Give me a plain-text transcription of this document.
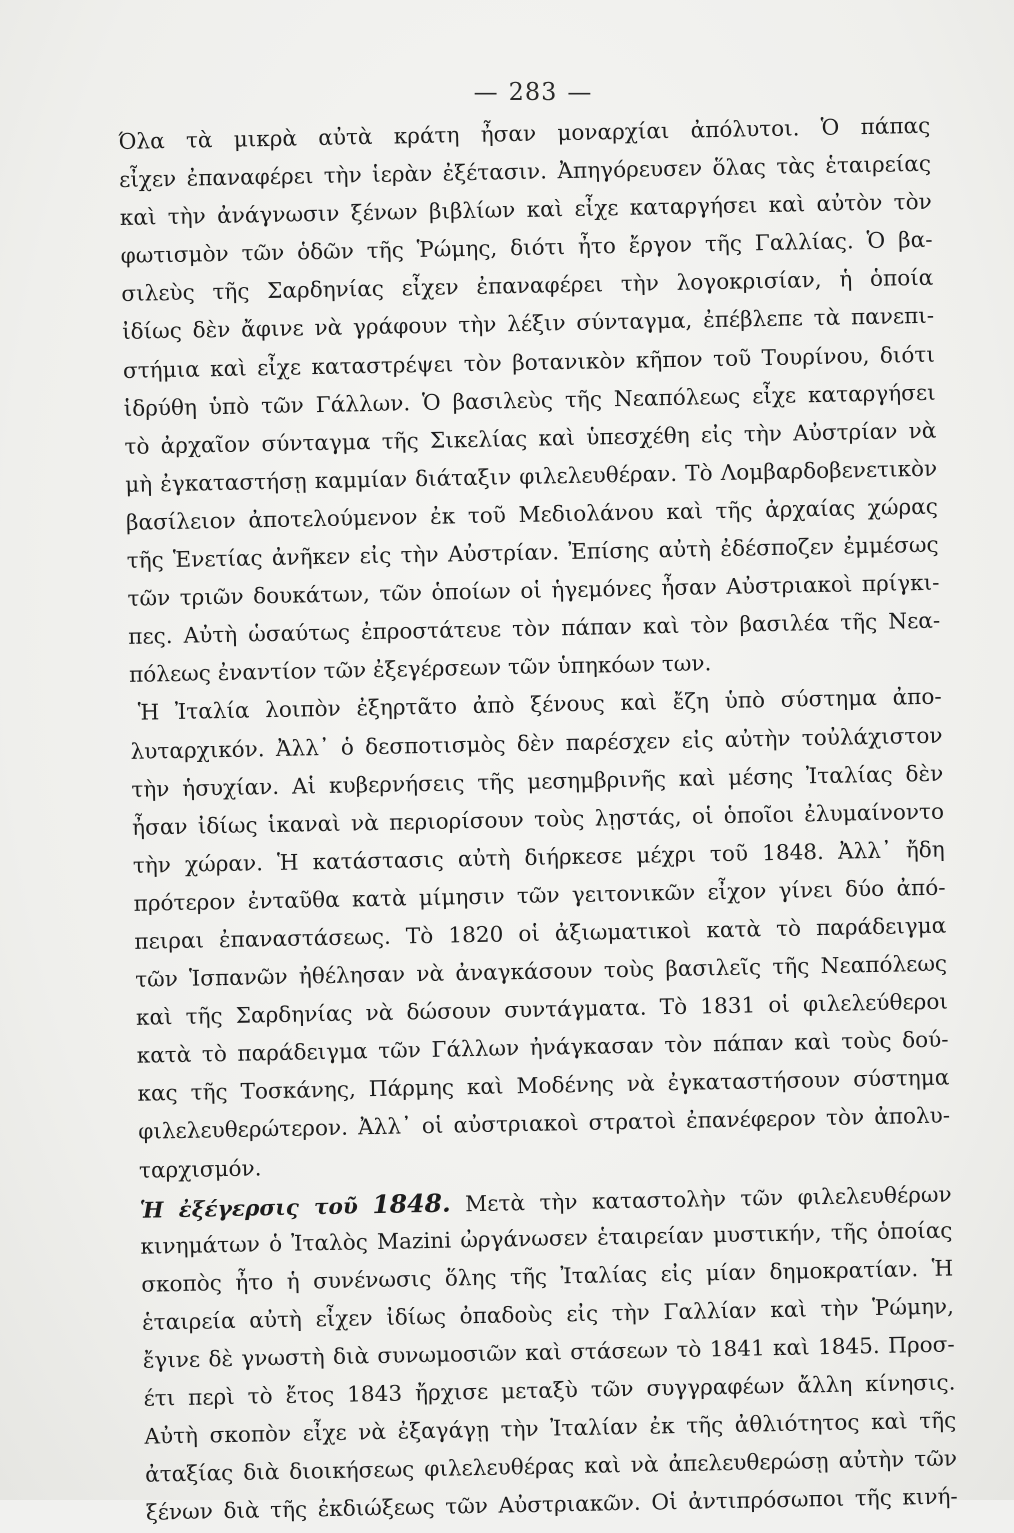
— 283 —
Όλα τὰ μικρὰ αὐτὰ κράτη ἦσαν μοναρχίαι ἀπόλυτοι. Ὁ πάπας
εἶχεν ἐπαναφέρει τὴν ἱερὰν ἐξέτασιν. Ἀπηγόρευσεν ὅλας τὰς ἑταιρείας
καὶ τὴν ἀνάγνωσιν ξένων βιβλίων καὶ εἶχε καταργήσει καὶ αὐτὸν τὸν
φωτισμὸν τῶν ὁδῶν τῆς Ῥώμης, διότι ἦτο ἔργον τῆς Γαλλίας. Ὁ βα-
σιλεὺς τῆς Σαρδηνίας εἶχεν ἐπαναφέρει τὴν λογοκρισίαν, ἡ ὁποία
ἰδίως δὲν ἄφινε νὰ γράφουν τὴν λέξιν σύνταγμα, ἐπέβλεπε τὰ πανεπι-
στήμια καὶ εἶχε καταστρέψει τὸν βοτανικὸν κῆπον τοῦ Τουρίνου, διότι
ἱδρύθη ὑπὸ τῶν Γάλλων. Ὁ βασιλεὺς τῆς Νεαπόλεως εἶχε καταργήσει
τὸ ἀρχαῖον σύνταγμα τῆς Σικελίας καὶ ὑπεσχέθη εἰς τὴν Αὐστρίαν νὰ
μὴ ἐγκαταστήσῃ καμμίαν διάταξιν φιλελευθέραν. Τὸ Λομβαρδοβενετικὸν
βασίλειον ἀποτελούμενον ἐκ τοῦ Μεδιολάνου καὶ τῆς ἀρχαίας χώρας
τῆς Ἑνετίας ἀνῆκεν εἰς τὴν Αὐστρίαν. Ἐπίσης αὐτὴ ἐδέσποζεν ἐμμέσως
τῶν τριῶν δουκάτων, τῶν ὁποίων οἱ ἡγεμόνες ἦσαν Αὐστριακοὶ πρίγκι-
πες. Αὐτὴ ὡσαύτως ἐπροστάτευε τὸν πάπαν καὶ τὸν βασιλέα τῆς Νεα-
πόλεως ἐναντίον τῶν ἐξεγέρσεων τῶν ὑπηκόων των.
Ἡ Ἰταλία λοιπὸν ἐξηρτᾶτο ἀπὸ ξένους καὶ ἔζη ὑπὸ σύστημα ἀπο-
λυταρχικόν. Ἀλλ᾽ ὁ δεσποτισμὸς δὲν παρέσχεν εἰς αὐτὴν τοὐλάχιστον
τὴν ἡσυχίαν. Αἱ κυβερνήσεις τῆς μεσημβρινῆς καὶ μέσης Ἰταλίας δὲν
ἦσαν ἰδίως ἱκαναὶ νὰ περιορίσουν τοὺς λῃστάς, οἱ ὁποῖοι ἐλυμαίνοντο
τὴν χώραν. Ἡ κατάστασις αὐτὴ διήρκεσε μέχρι τοῦ 1848. Ἀλλ᾽ ἤδη
πρότερον ἐνταῦθα κατὰ μίμησιν τῶν γειτονικῶν εἶχον γίνει δύο ἀπό-
πειραι ἐπαναστάσεως. Τὸ 1820 οἱ ἀξιωματικοὶ κατὰ τὸ παράδειγμα
τῶν Ἱσπανῶν ἠθέλησαν νὰ ἀναγκάσουν τοὺς βασιλεῖς τῆς Νεαπόλεως
καὶ τῆς Σαρδηνίας νὰ δώσουν συντάγματα. Τὸ 1831 οἱ φιλελεύθεροι
κατὰ τὸ παράδειγμα τῶν Γάλλων ἠνάγκασαν τὸν πάπαν καὶ τοὺς δού-
κας τῆς Τοσκάνης, Πάρμης καὶ Μοδένης νὰ ἐγκαταστήσουν σύστημα
φιλελευθερώτερον. Ἀλλ᾽ οἱ αὐστριακοὶ στρατοὶ ἐπανέφερον τὸν ἀπολυ-
ταρχισμόν.
Ἡ ἐξέγερσις τοῦ 1848. Μετὰ τὴν καταστολὴν τῶν φιλελευθέρων
κινημάτων ὁ Ἰταλὸς Mazini ὠργάνωσεν ἑταιρείαν μυστικήν, τῆς ὁποίας
σκοπὸς ἦτο ἡ συνένωσις ὅλης τῆς Ἰταλίας εἰς μίαν δημοκρατίαν. Ἡ
ἑταιρεία αὐτὴ εἶχεν ἰδίως ὀπαδοὺς εἰς τὴν Γαλλίαν καὶ τὴν Ῥώμην,
ἔγινε δὲ γνωστὴ διὰ συνωμοσιῶν καὶ στάσεων τὸ 1841 καὶ 1845. Προσ-
έτι περὶ τὸ ἔτος 1843 ἤρχισε μεταξὺ τῶν συγγραφέων ἄλλη κίνησις.
Αὐτὴ σκοπὸν εἶχε νὰ ἐξαγάγῃ τὴν Ἰταλίαν ἐκ τῆς ἀθλιότητος καὶ τῆς
ἀταξίας διὰ διοικήσεως φιλελευθέρας καὶ νὰ ἀπελευθερώσῃ αὐτὴν τῶν
ξένων διὰ τῆς ἐκδιώξεως τῶν Αὐστριακῶν. Οἱ ἀντιπρόσωποι τῆς κινή-
